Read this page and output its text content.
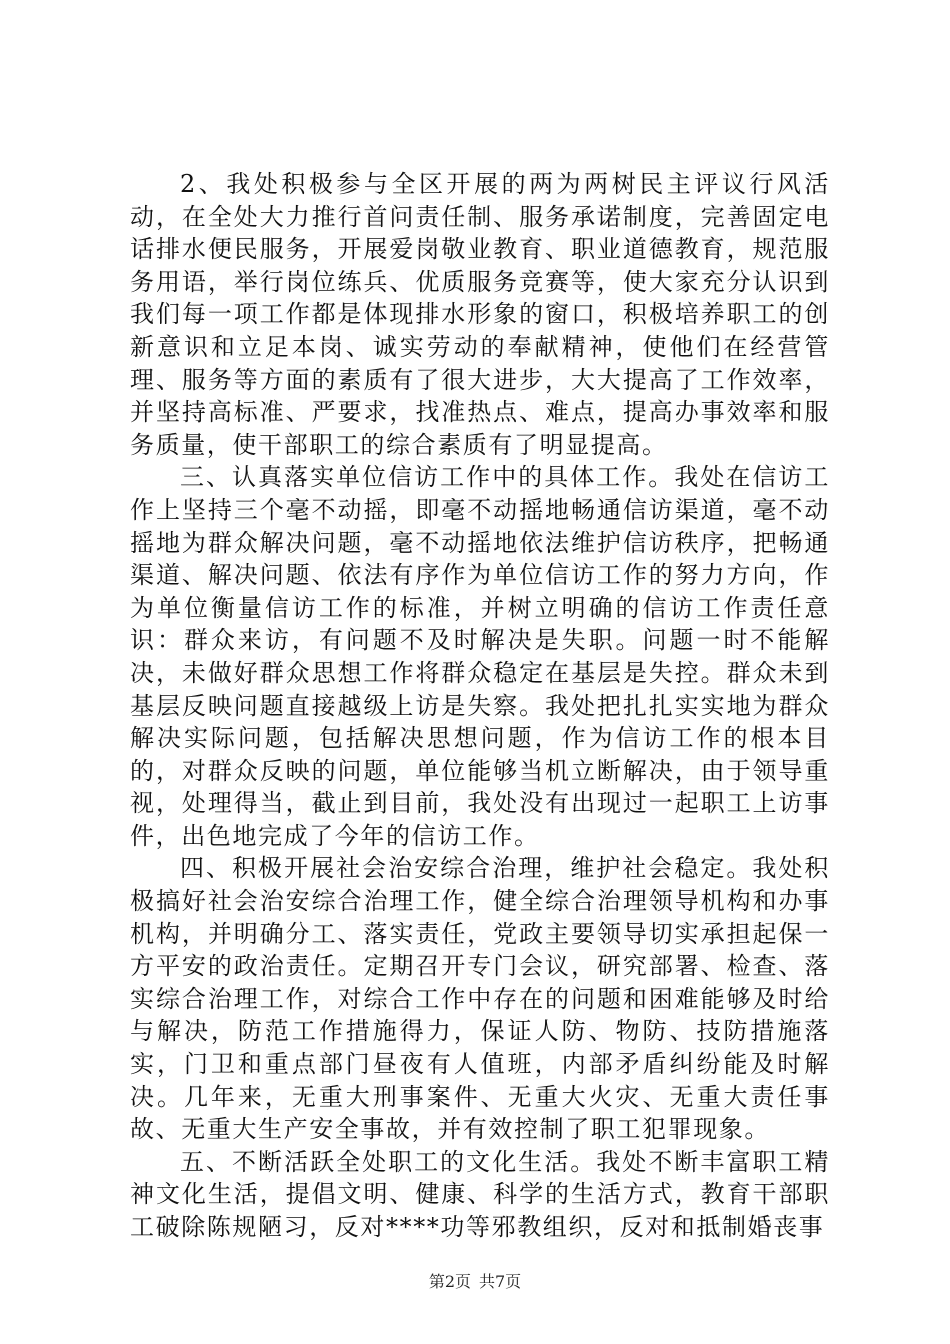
2、我处积极参与全区开展的两为两树民主评议行风活动，在全处大力推行首问责任制、服务承诺制度，完善固定电话排水便民服务，开展爱岗敬业教育、职业道德教育，规范服务用语，举行岗位练兵、优质服务竞赛等，使大家充分认识到我们每一项工作都是体现排水形象的窗口，积极培养职工的创新意识和立足本岗、诚实劳动的奉献精神，使他们在经营管理、服务等方面的素质有了很大进步，大大提高了工作效率，并坚持高标准、严要求，找准热点、难点，提高办事效率和服务质量，使干部职工的综合素质有了明显提高。

三、认真落实单位信访工作中的具体工作。我处在信访工作上坚持三个毫不动摇，即毫不动摇地畅通信访渠道，毫不动摇地为群众解决问题，毫不动摇地依法维护信访秩序，把畅通渠道、解决问题、依法有序作为单位信访工作的努力方向，作为单位衡量信访工作的标准，并树立明确的信访工作责任意识：群众来访，有问题不及时解决是失职。问题一时不能解决，未做好群众思想工作将群众稳定在基层是失控。群众未到基层反映问题直接越级上访是失察。我处把扎扎实实地为群众解决实际问题，包括解决思想问题，作为信访工作的根本目的，对群众反映的问题，单位能够当机立断解决，由于领导重视，处理得当，截止到目前，我处没有出现过一起职工上访事件，出色地完成了今年的信访工作。

四、积极开展社会治安综合治理，维护社会稳定。我处积极搞好社会治安综合治理工作，健全综合治理领导机构和办事机构，并明确分工、落实责任，党政主要领导切实承担起保一方平安的政治责任。定期召开专门会议，研究部署、检查、落实综合治理工作，对综合工作中存在的问题和困难能够及时给与解决，防范工作措施得力，保证人防、物防、技防措施落实，门卫和重点部门昼夜有人值班，内部矛盾纠纷能及时解决。几年来，无重大刑事案件、无重大火灾、无重大责任事故、无重大生产安全事故，并有效控制了职工犯罪现象。

五、不断活跃全处职工的文化生活。我处不断丰富职工精神文化生活，提倡文明、健康、科学的生活方式，教育干部职工破除陈规陋习，反对****功等邪教组织，反对和抵制婚丧事

第2页 共7页
